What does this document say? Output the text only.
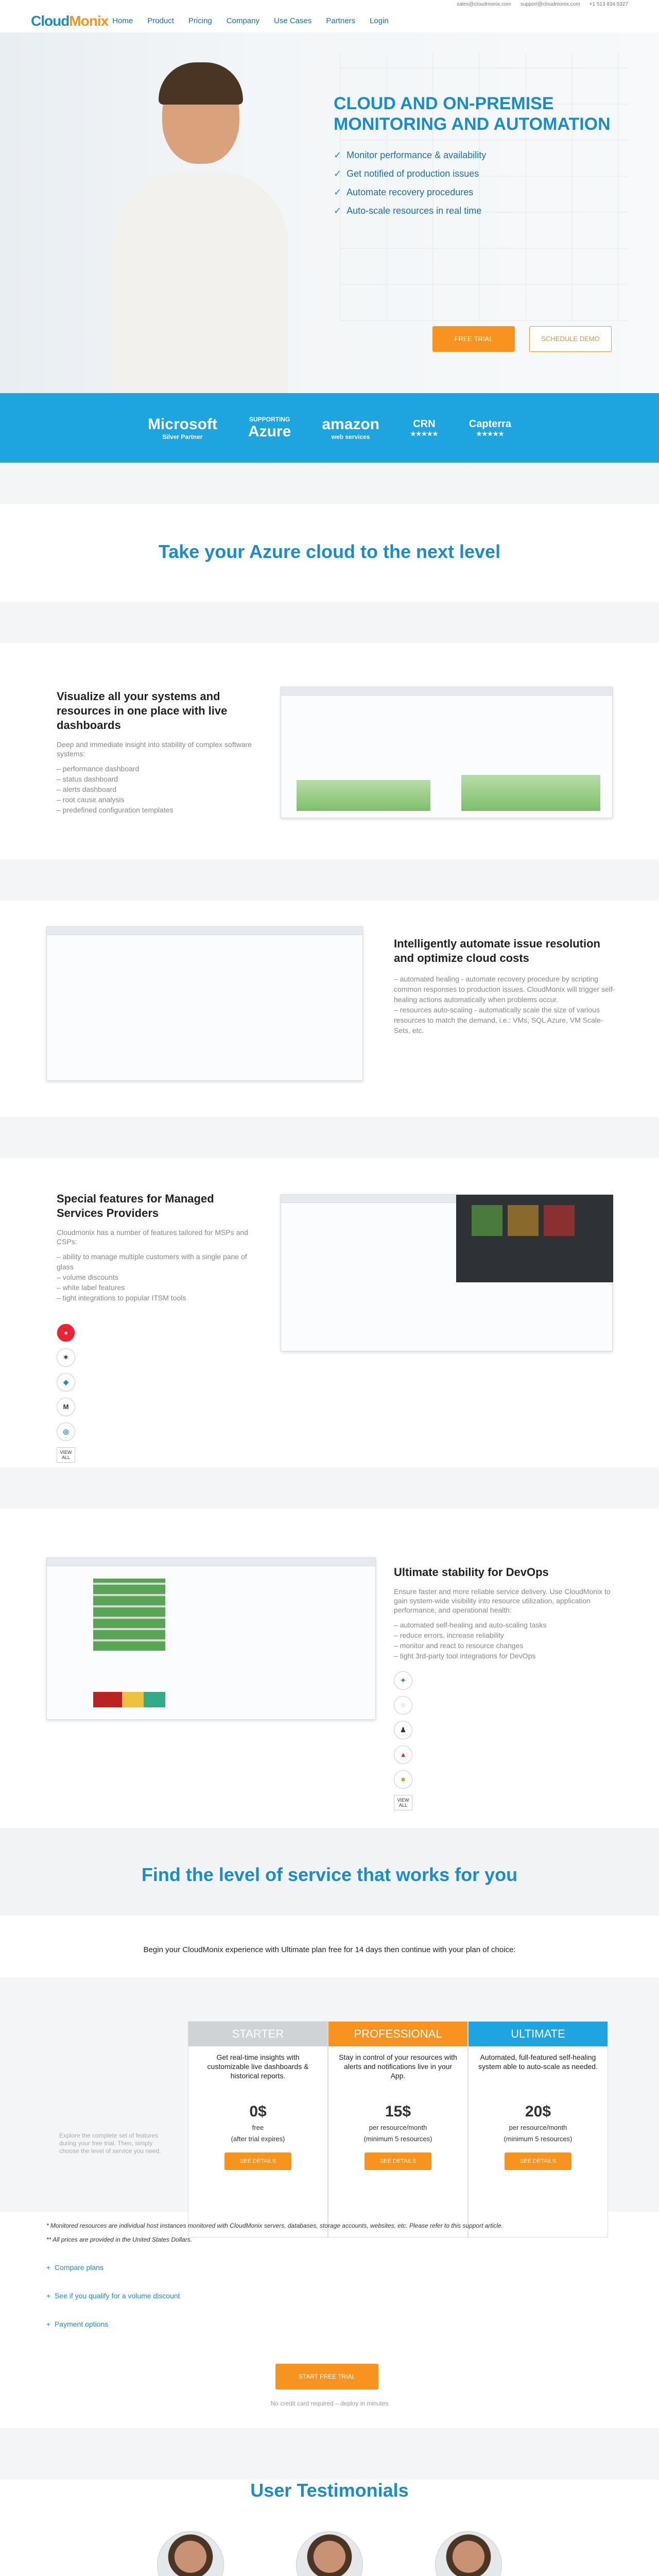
sales@cloudmonix.com support@cloudmonix.com +1 513 834 5327
CloudMonix Home Product Pricing Company Use Cases Partners Login
CLOUD AND ON-PREMISE MONITORING AND AUTOMATION
✓ Monitor performance & availability
✓ Get notified of production issues
✓ Automate recovery procedures
✓ Auto-scale resources in real time
FREE TRIAL	SCHEDULE DEMO
Microsoft
Silver Partner
SUPPORTING
Azure amazon
web services
CRN
★★★★★
Capterra
★★★★★
Take your Azure cloud to the next level
Visualize all your systems and resources in one place with live dashboards

Deep and immediate insight into stability of complex software systems:

– performance dashboard
– status dashboard
– alerts dashboard
– root cause analysis
– predefined configuration templates
Intelligently automate issue resolution and optimize cloud costs
– automated healing - automate recovery procedure by scripting common responses to production issues. CloudMonix will trigger self-healing actions automatically when problems occur.
– resources auto-scaling - automatically scale the size of various resources to match the demand, i.e.: VMs, SQL Azure, VM Scale-Sets, etc.
Special features for Managed Services Providers

Cloudmonix has a number of features tailored for MSPs and CSPs:

– ability to manage multiple customers with a single pane of glass
– volume discounts
– white label features
– tight integrations to popular ITSM tools
●
✶
◆
M
◎
VIEW ALL
Ultimate stability for DevOps

Ensure faster and more reliable service delivery. Use CloudMonix to gain system-wide visibility into resource utilization, application performance, and operational health:

– automated self-healing and auto-scaling tasks
– reduce errors, increase reliability
– monitor and react to resource changes
– tight 3rd-party tool integrations for DevOps
✦
◌
♟
▲
■
VIEW ALL
Find the level of service that works for you

Begin your CloudMonix experience with Ultimate plan free for 14 days then continue with your plan of choice:

Explore the complete set of features during your free trial. Then, simply choose the level of service you need.

STARTER
Get real-time insights with customizable live dashboards & historical reports.
0$
free
(after trial expires)
SEE DETAILS
PROFESSIONAL
Stay in control of your resources with alerts and notifications live in your App.
15$
per resource/month
(minimum 5 resources)
SEE DETAILS
ULTIMATE
Automated, full-featured self-healing system able to auto-scale as needed.
20$
per resource/month
(minimum 5 resources)
SEE DETAILS

* Monitored resources are individual host instances monitored with CloudMonix servers, databases, storage accounts, websites, etc. Please refer to this support article.

** All prices are provided in the United States Dollars.

+  Compare plans
+  See if you qualify for a volume discount
+  Payment options
START FREE TRIAL

No credit card required – deploy in minutes

User Testimonials
